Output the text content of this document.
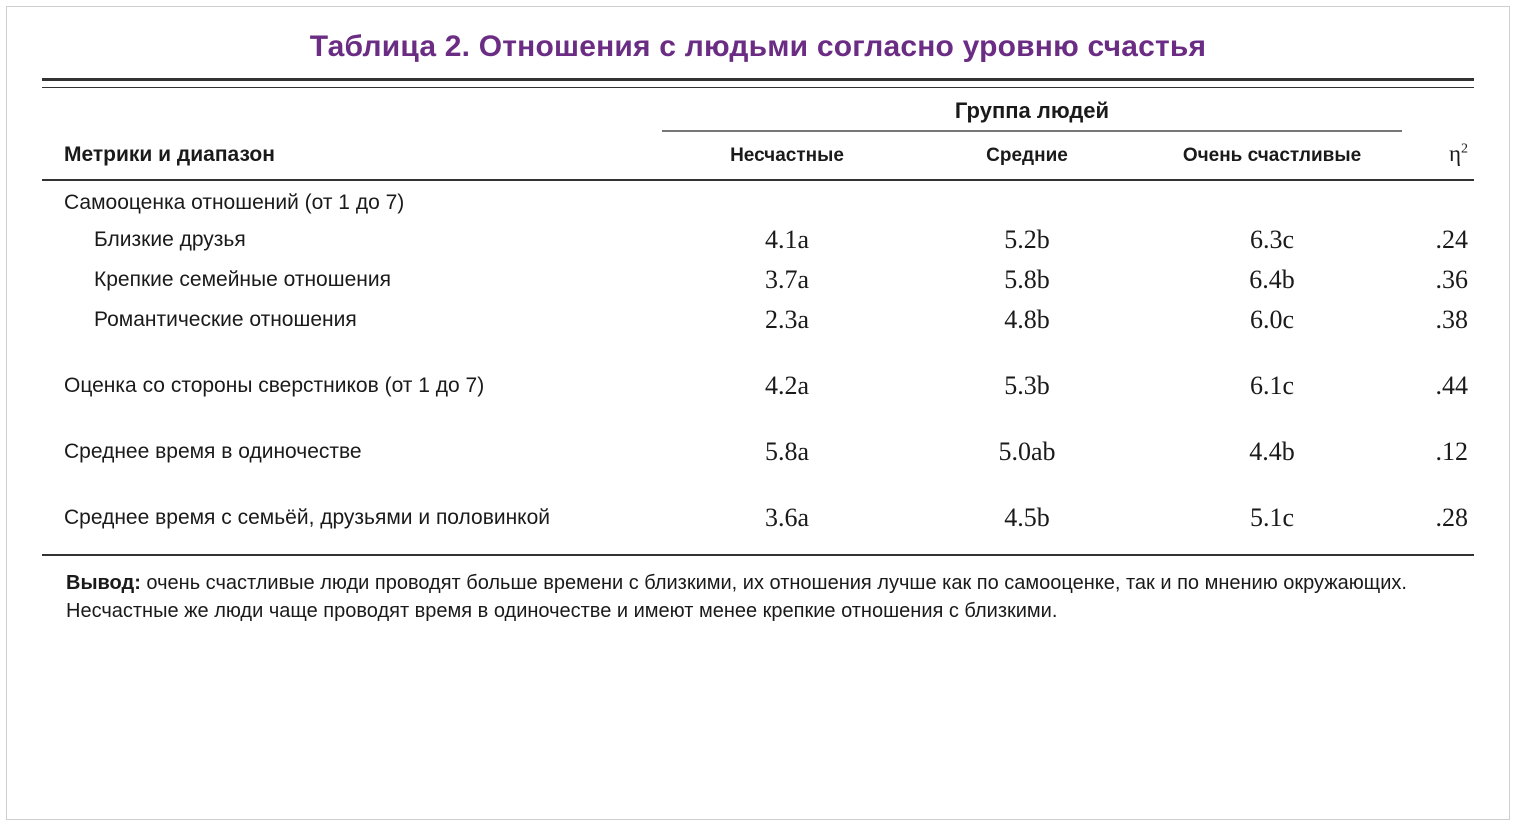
Таблица 2. Отношения с людьми согласно уровню счастья

	Группа людей			
Метрики и диапазон	Несчастные	Средние	Очень счастливые	$\eta^2$

Самооценка отношений (от 1 до 7)				
Близкие друзья	4.1a	5.2b	6.3c	.24
Крепкие семейные отношения	3.7a	5.8b	6.4b	.36
Романтические отношения	2.3a	4.8b	6.0c	.38

Оценка со стороны сверстников (от 1 до 7)	4.2a	5.3b	6.1c	.44

Среднее время в одиночестве	5.8a	5.0ab	4.4b	.12

Среднее время с семьёй, друзьями и половинкой	3.6a	4.5b	5.1c	.28

Вывод: очень счастливые люди проводят больше времени с близкими, их отношения лучше как по самооценке, так и по мнению окружающих. Несчастные же люди чаще проводят время в одиночестве и имеют менее крепкие отношения с близкими.
